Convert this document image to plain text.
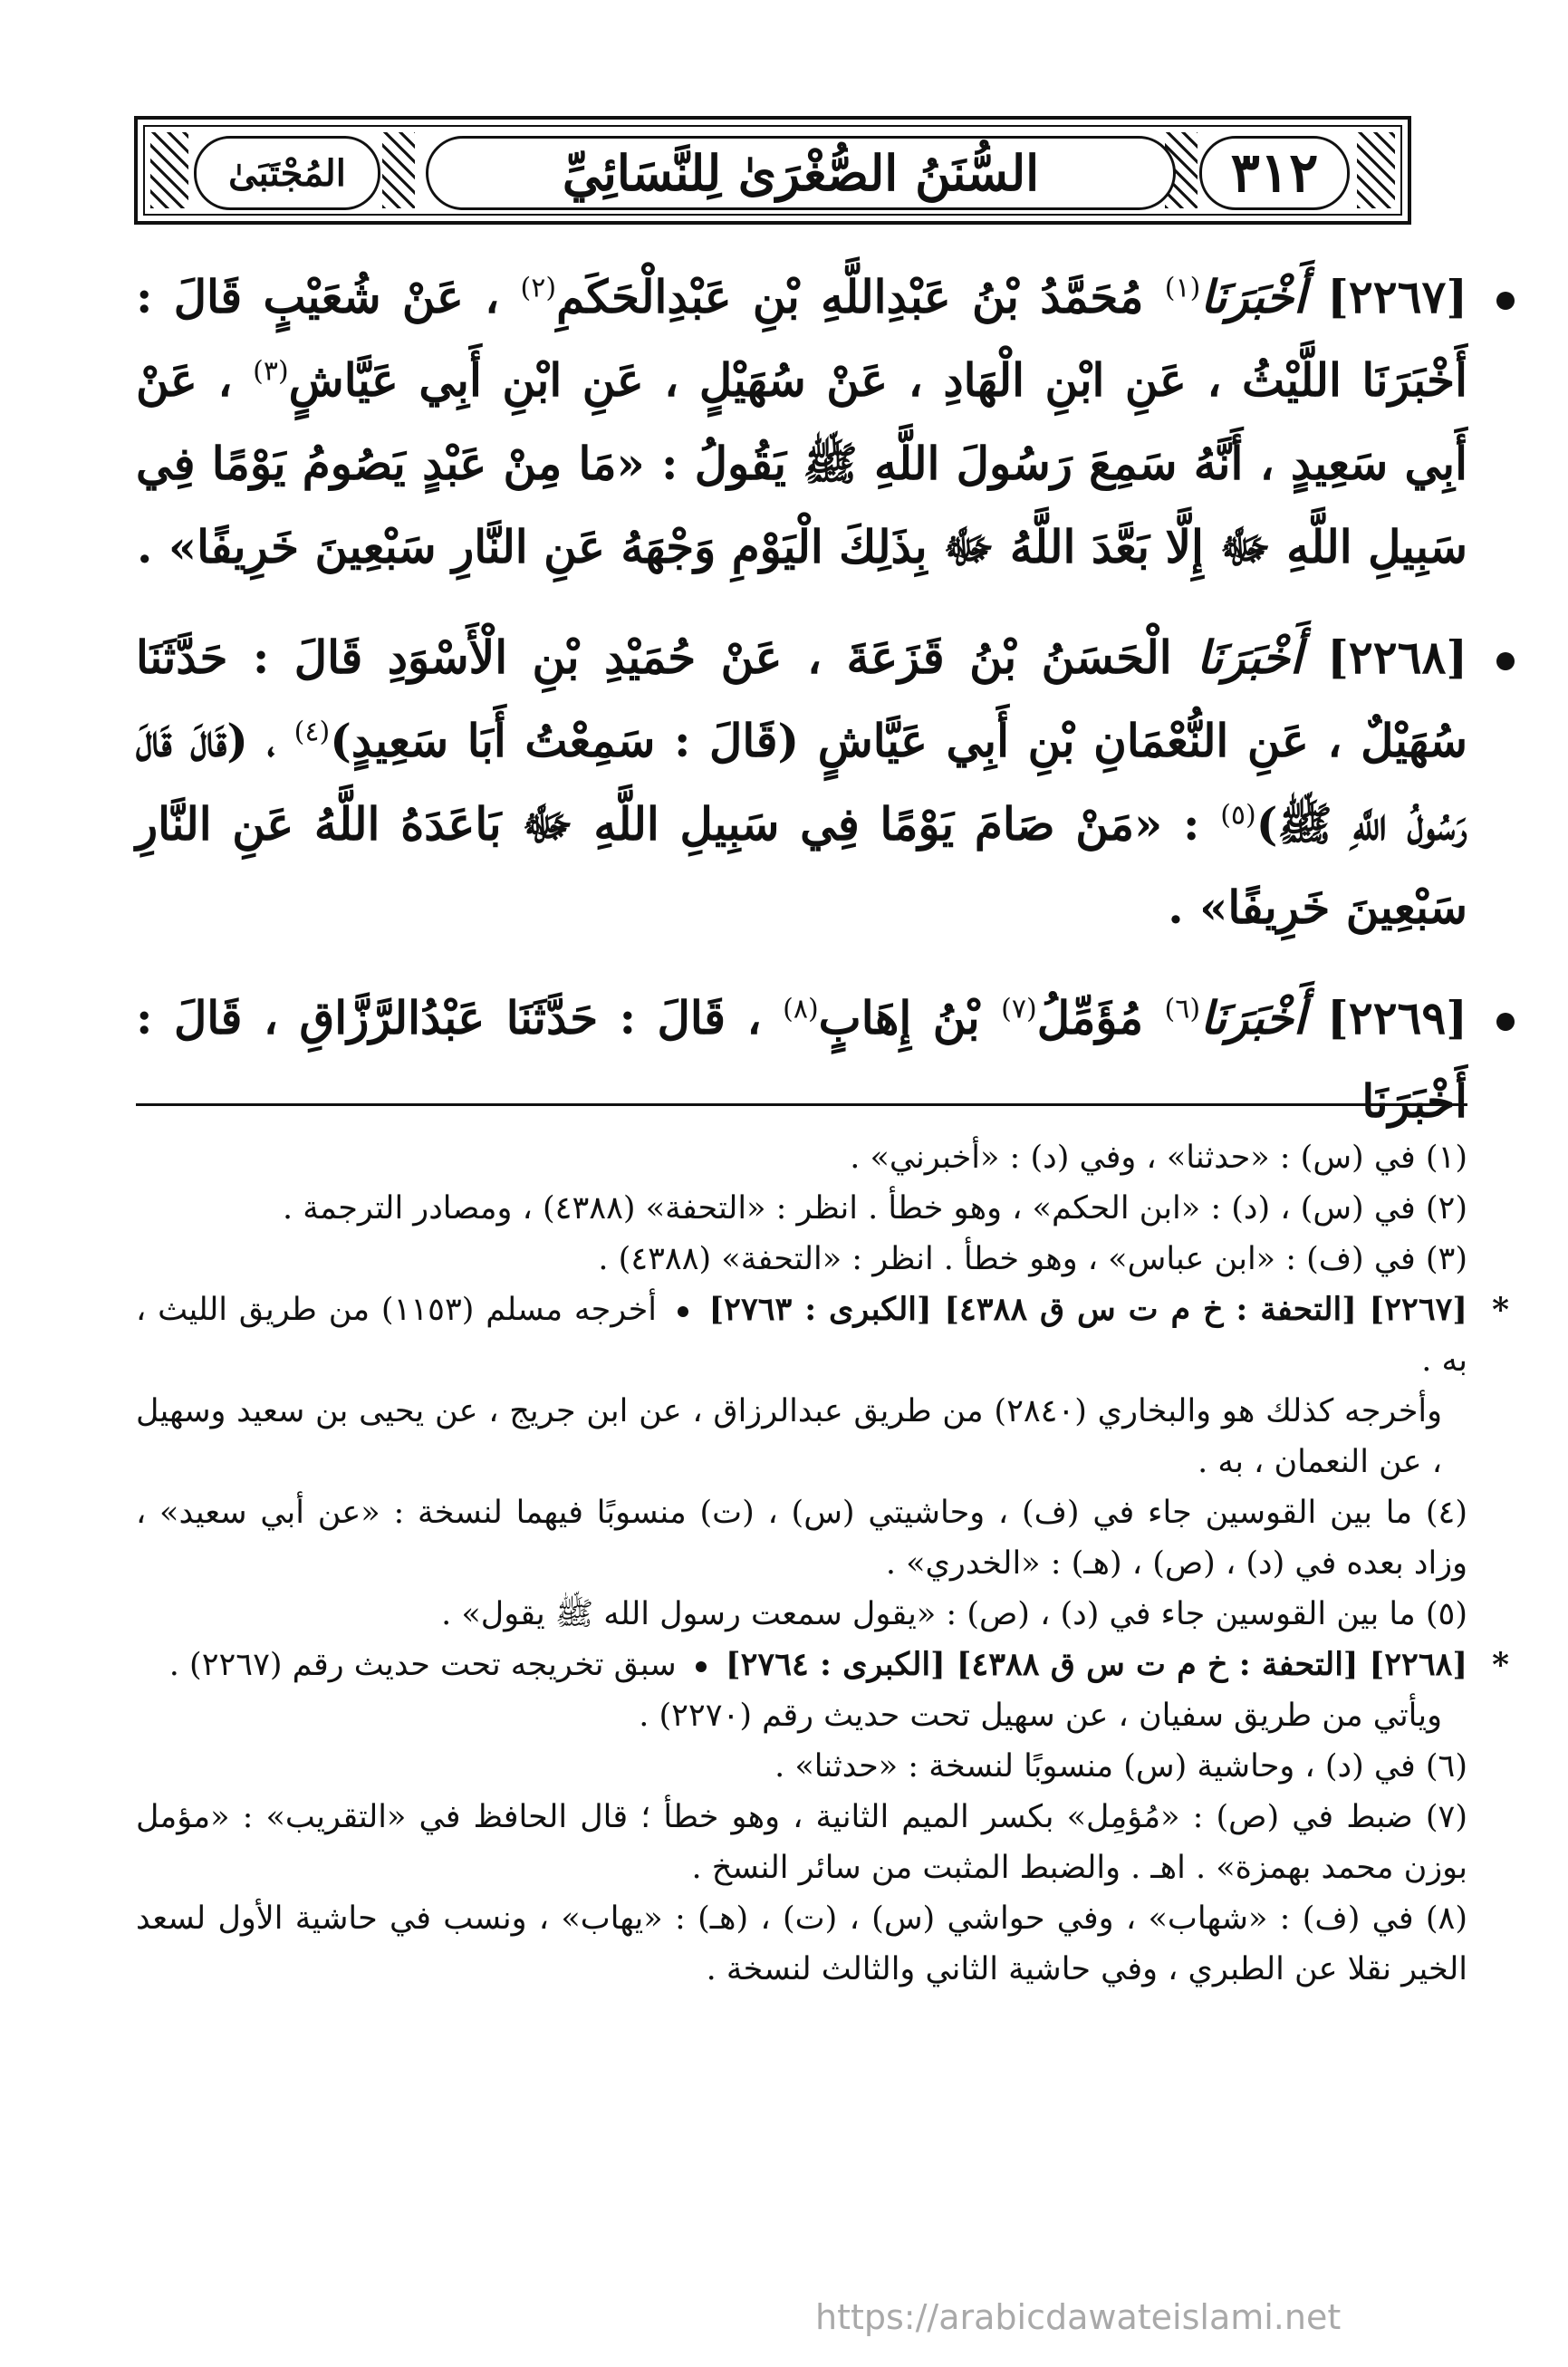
المُجْتَبَىٰ	السُّنَنُ الصُّغْرَىٰ لِلنَّسَائِيِّ	٣١٢

[٢٢٦٧] أَخْبَرَنَا$^{(١)}$ مُحَمَّدُ بْنُ عَبْدِاللَّهِ بْنِ عَبْدِالْحَكَمِ$^{(٢)}$ ، عَنْ شُعَيْبٍ قَالَ : أَخْبَرَنَا اللَّيْثُ ، عَنِ ابْنِ الْهَادِ ، عَنْ سُهَيْلٍ ، عَنِ ابْنِ أَبِي عَيَّاشٍ$^{(٣)}$ ، عَنْ أَبِي سَعِيدٍ ، أَنَّهُ سَمِعَ رَسُولَ اللَّهِ ﷺ يَقُولُ : «مَا مِنْ عَبْدٍ يَصُومُ يَوْمًا فِي سَبِيلِ اللَّهِ ﷻ إِلَّا بَعَّدَ اللَّهُ ﷻ بِذَلِكَ الْيَوْمِ وَجْهَهُ عَنِ النَّارِ سَبْعِينَ خَرِيفًا» .

[٢٢٦٨] أَخْبَرَنَا الْحَسَنُ بْنُ قَزَعَةَ ، عَنْ حُمَيْدِ بْنِ الْأَسْوَدِ قَالَ : حَدَّثَنَا سُهَيْلٌ ، عَنِ النُّعْمَانِ بْنِ أَبِي عَيَّاشٍ (قَالَ : سَمِعْتُ أَبَا سَعِيدٍ)$^{(٤)}$ ، (قَالَ قَالَ رَسُولُ اللَّهِ ﷺ)$^{(٥)}$ : «مَنْ صَامَ يَوْمًا فِي سَبِيلِ اللَّهِ ﷻ بَاعَدَهُ اللَّهُ عَنِ النَّارِ سَبْعِينَ خَرِيفًا» .

[٢٢٦٩] أَخْبَرَنَا$^{(٦)}$ مُؤَمِّلُ$^{(٧)}$ بْنُ إِهَابٍ$^{(٨)}$ ، قَالَ : حَدَّثَنَا عَبْدُالرَّزَّاقِ ، قَالَ : أَخْبَرَنَا

(١) في (س) : «حدثنا» ، وفي (د) : «أخبرني» .

(٢) في (س) ، (د) : «ابن الحكم» ، وهو خطأ . انظر : «التحفة» (٤٣٨٨) ، ومصادر الترجمة .

(٣) في (ف) : «ابن عباس» ، وهو خطأ . انظر : «التحفة» (٤٣٨٨) .

*
[٢٢٦٧] [التحفة : خ م ت س ق ٤٣٨٨] [الكبرى : ٢٧٦٣]  أخرجه مسلم (١١٥٣) من طريق الليث ، به .

وأخرجه كذلك هو والبخاري (٢٨٤٠) من طريق عبدالرزاق ، عن ابن جريج ، عن يحيى بن سعيد وسهيل ، عن النعمان ، به .

(٤) ما بين القوسين جاء في (ف) ، وحاشيتي (س) ، (ت) منسوبًا فيهما لنسخة : «عن أبي سعيد» ، وزاد بعده في (د) ، (ص) ، (هـ) : «الخدري» .

(٥) ما بين القوسين جاء في (د) ، (ص) : «يقول سمعت رسول الله ﷺ يقول» .

*
[٢٢٦٨] [التحفة : خ م ت س ق ٤٣٨٨] [الكبرى : ٢٧٦٤]  سبق تخريجه تحت حديث رقم (٢٢٦٧) .

ويأتي من طريق سفيان ، عن سهيل تحت حديث رقم (٢٢٧٠) .

(٦) في (د) ، وحاشية (س) منسوبًا لنسخة : «حدثنا» .

(٧) ضبط في (ص) : «مُؤمِل» بكسر الميم الثانية ، وهو خطأ ؛ قال الحافظ في «التقريب» : «مؤمل بوزن محمد بهمزة» . اهـ . والضبط المثبت من سائر النسخ .

(٨) في (ف) : «شهاب» ، وفي حواشي (س) ، (ت) ، (هـ) : «يهاب» ، ونسب في حاشية الأول لسعد الخير نقلا عن الطبري ، وفي حاشية الثاني والثالث لنسخة .

https://arabicdawateislami.net
